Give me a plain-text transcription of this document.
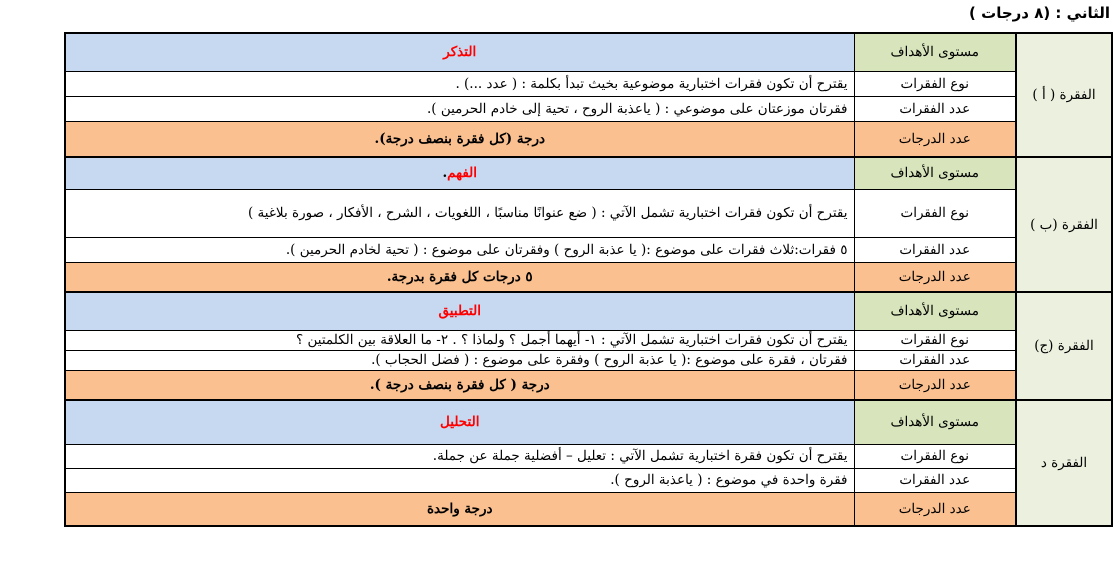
الثاني : (٨ درجات )
الفقرة ( أ )	مستوى الأهداف	التذكر
	نوع الفقرات	يقترح أن تكون فقرات اختبارية موضوعية بخيث تبدأ بكلمة : ( عدد ...) .
	عدد الفقرات	فقرتان موزعتان على موضوعي : ( ياعذبة الروح ، تحية إلى خادم الحرمين ).
	عدد الدرجات	درجة (كل فقرة بنصف درجة).
الفقرة (ب )	مستوى الأهداف	الفهم.
	نوع الفقرات	يقترح أن تكون فقرات اختبارية تشمل الآتي : ( ضع عنوانًا مناسبًا ، اللغويات ، الشرح ، الأفكار ، صورة بلاغية )
	عدد الفقرات	٥ فقرات:ثلاث فقرات على موضوع :( يا عذبة الروح ) وفقرتان على موضوع : ( تحية لخادم الحرمين ).
	عدد الدرجات	٥ درجات كل فقرة بدرجة.
الفقرة (ج)	مستوى الأهداف	التطبيق
	نوع الفقرات	يقترح أن تكون فقرات اختبارية تشمل الآتي : ١- أيهما أجمل ؟ ولماذا ؟ . ٢- ما العلاقة بين الكلمتين ؟
	عدد الفقرات	فقرتان ، فقرة على موضوع :( يا عذبة الروح ) وفقرة على موضوع : ( فضل الحجاب ).
	عدد الدرجات	درجة ( كل فقرة بنصف درجة ).
الفقرة د	مستوى الأهداف	التحليل
	نوع الفقرات	يقترح أن تكون فقرة اختبارية تشمل الآتي : تعليل – أفضلية جملة عن جملة.
	عدد الفقرات	فقرة واحدة في موضوع : ( ياعذبة الروح ).
	عدد الدرجات	درجة واحدة
